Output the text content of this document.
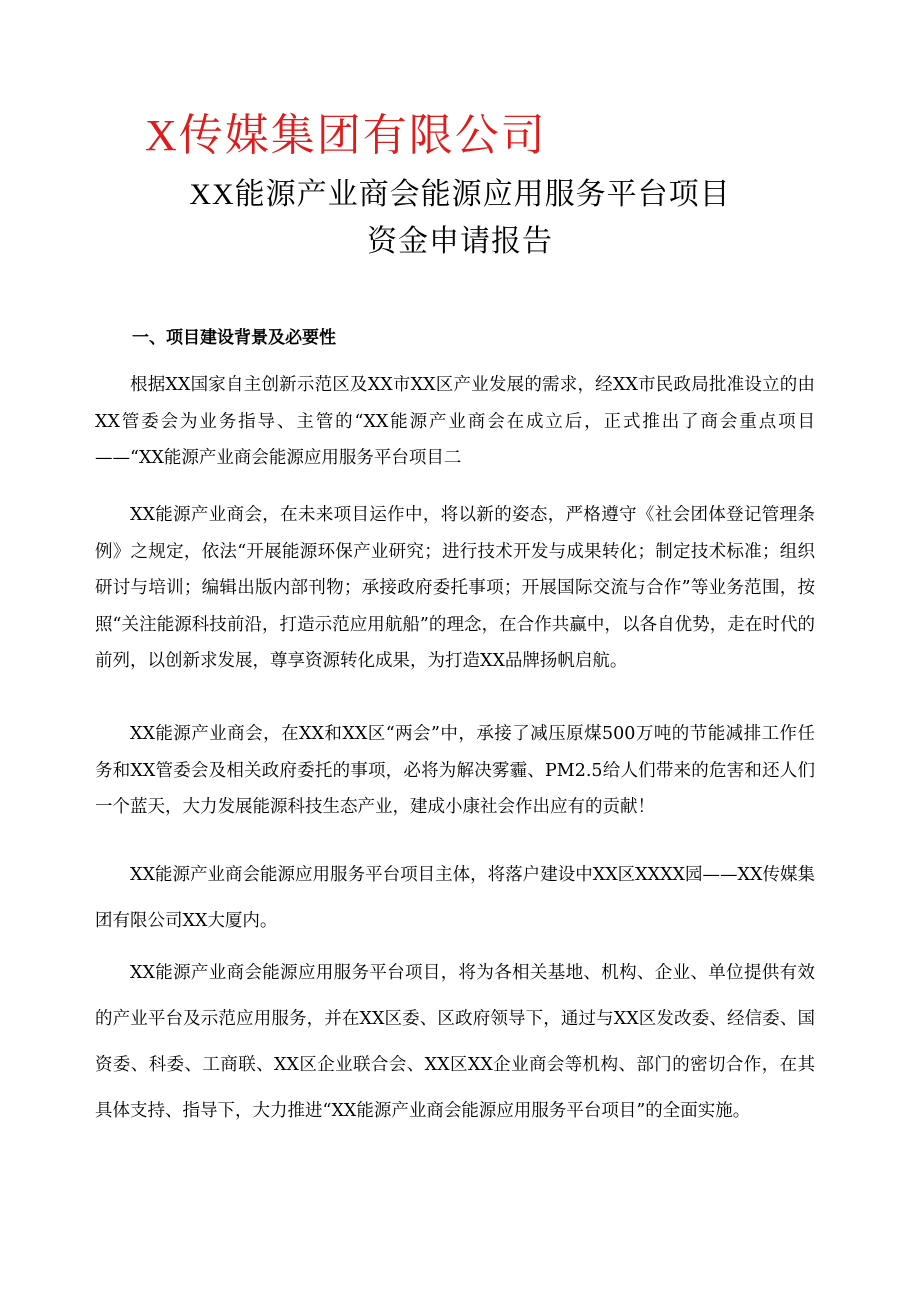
X传媒集团有限公司
XX能源产业商会能源应用服务平台项目
资金申请报告
一、项目建设背景及必要性

根据XX国家自主创新示范区及XX市XX区产业发展的需求，经XX市民政局批准设立的由XX管委会为业务指导、主管的“XX能源产业商会在成立后，正式推出了商会重点项目——“XX能源产业商会能源应用服务平台项目二

XX能源产业商会，在未来项目运作中，将以新的姿态，严格遵守《社会团体登记管理条例》之规定，依法“开展能源环保产业研究；进行技术开发与成果转化；制定技术标准；组织研讨与培训；编辑出版内部刊物；承接政府委托事项；开展国际交流与合作”等业务范围，按照“关注能源科技前沿，打造示范应用航船”的理念，在合作共赢中，以各自优势，走在时代的前列，以创新求发展，尊享资源转化成果，为打造XX品牌扬帆启航。

XX能源产业商会，在XX和XX区“两会”中，承接了减压原煤500万吨的节能减排工作任务和XX管委会及相关政府委托的事项，必将为解决雾霾、PM2.5给人们带来的危害和还人们一个蓝天，大力发展能源科技生态产业，建成小康社会作出应有的贡献！

XX能源产业商会能源应用服务平台项目主体，将落户建设中XX区XXXX园——XX传媒集团有限公司XX大厦内。

XX能源产业商会能源应用服务平台项目，将为各相关基地、机构、企业、单位提供有效的产业平台及示范应用服务，并在XX区委、区政府领导下，通过与XX区发改委、经信委、国资委、科委、工商联、XX区企业联合会、XX区XX企业商会等机构、部门的密切合作，在其具体支持、指导下，大力推进“XX能源产业商会能源应用服务平台项目”的全面实施。
